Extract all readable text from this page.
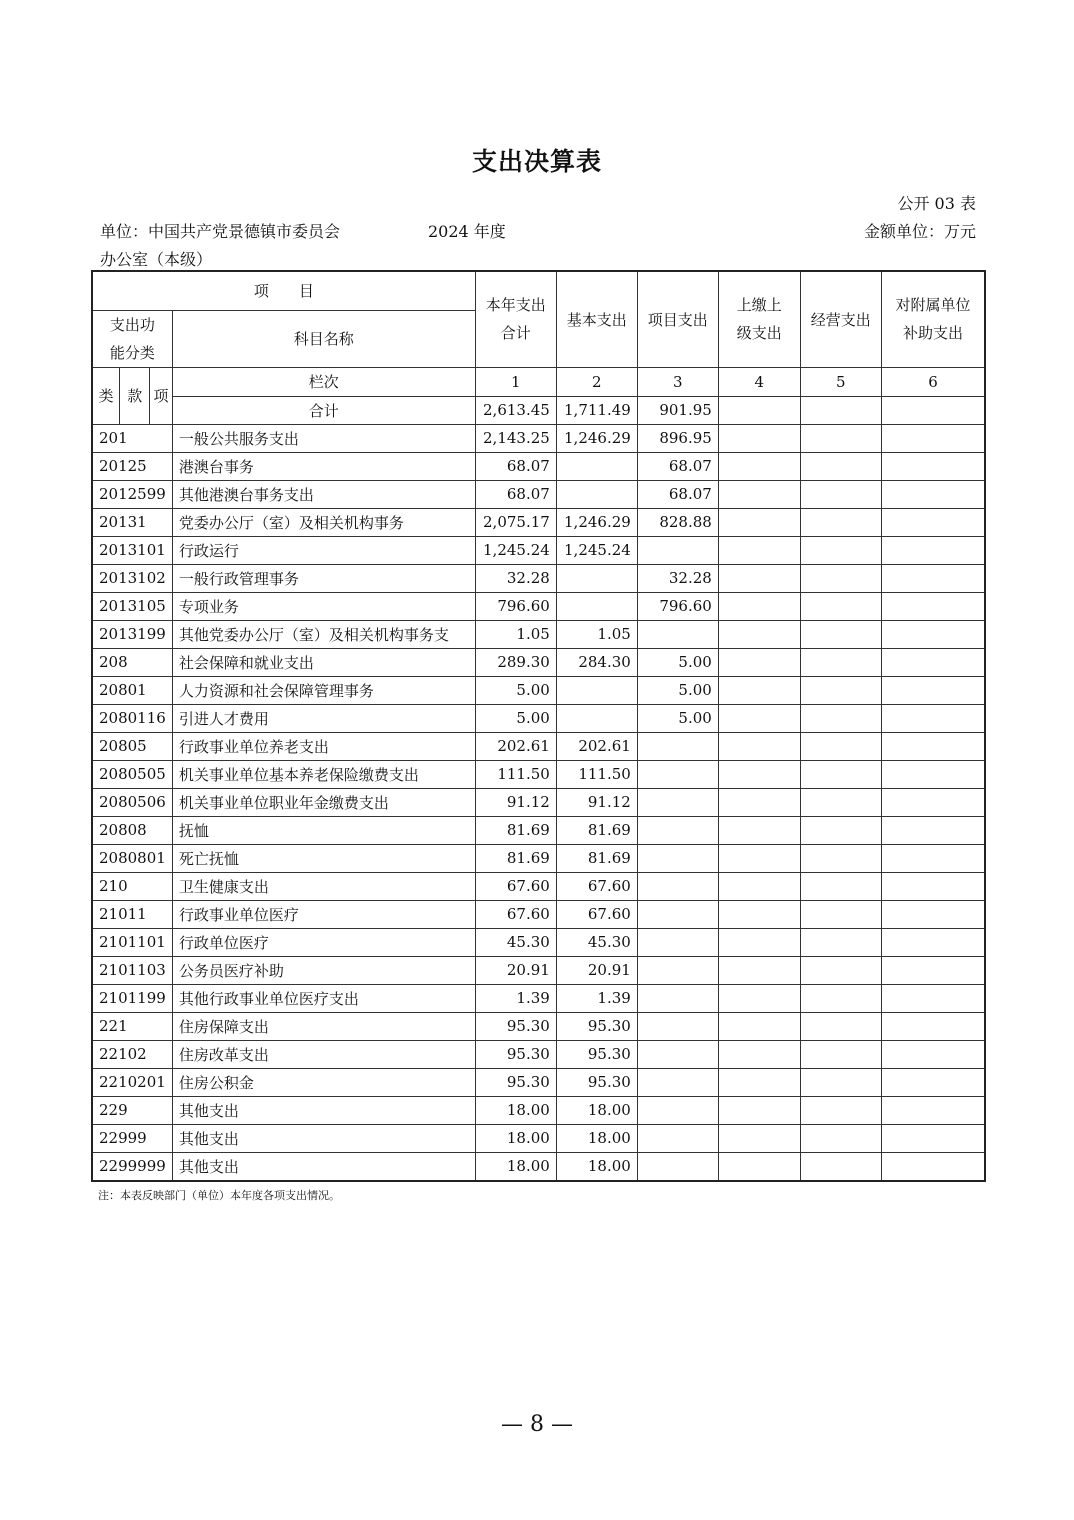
支出决算表
公开 03 表
单位：中国共产党景德镇市委员会	2024 年度	金额单位：万元
办公室（本级）
项　　目				本年支出合计	基本支出	项目支出	上缴上级支出	经营支出	对附属单位补助支出
支出功能分类			科目名称						
类	款	项	栏次	1	2	3	4	5	6
			合计	2,613.45	1,711.49	901.95			
201			一般公共服务支出	2,143.25	1,246.29	896.95			
20125			港澳台事务	68.07		68.07			
2012599			其他港澳台事务支出	68.07		68.07			
20131			党委办公厅（室）及相关机构事务	2,075.17	1,246.29	828.88			
2013101			行政运行	1,245.24	1,245.24				
2013102			一般行政管理事务	32.28		32.28			
2013105			专项业务	796.60		796.60			
2013199			其他党委办公厅（室）及相关机构事务支	1.05	1.05				
208			社会保障和就业支出	289.30	284.30	5.00			
20801			人力资源和社会保障管理事务	5.00		5.00			
2080116			引进人才费用	5.00		5.00			
20805			行政事业单位养老支出	202.61	202.61				
2080505			机关事业单位基本养老保险缴费支出	111.50	111.50				
2080506			机关事业单位职业年金缴费支出	91.12	91.12				
20808			抚恤	81.69	81.69				
2080801			死亡抚恤	81.69	81.69				
210			卫生健康支出	67.60	67.60				
21011			行政事业单位医疗	67.60	67.60				
2101101			行政单位医疗	45.30	45.30				
2101103			公务员医疗补助	20.91	20.91				
2101199			其他行政事业单位医疗支出	1.39	1.39				
221			住房保障支出	95.30	95.30				
22102			住房改革支出	95.30	95.30				
2210201			住房公积金	95.30	95.30				
229			其他支出	18.00	18.00				
22999			其他支出	18.00	18.00				
2299999			其他支出	18.00	18.00				
注：本表反映部门（单位）本年度各项支出情况。
— 8 —
